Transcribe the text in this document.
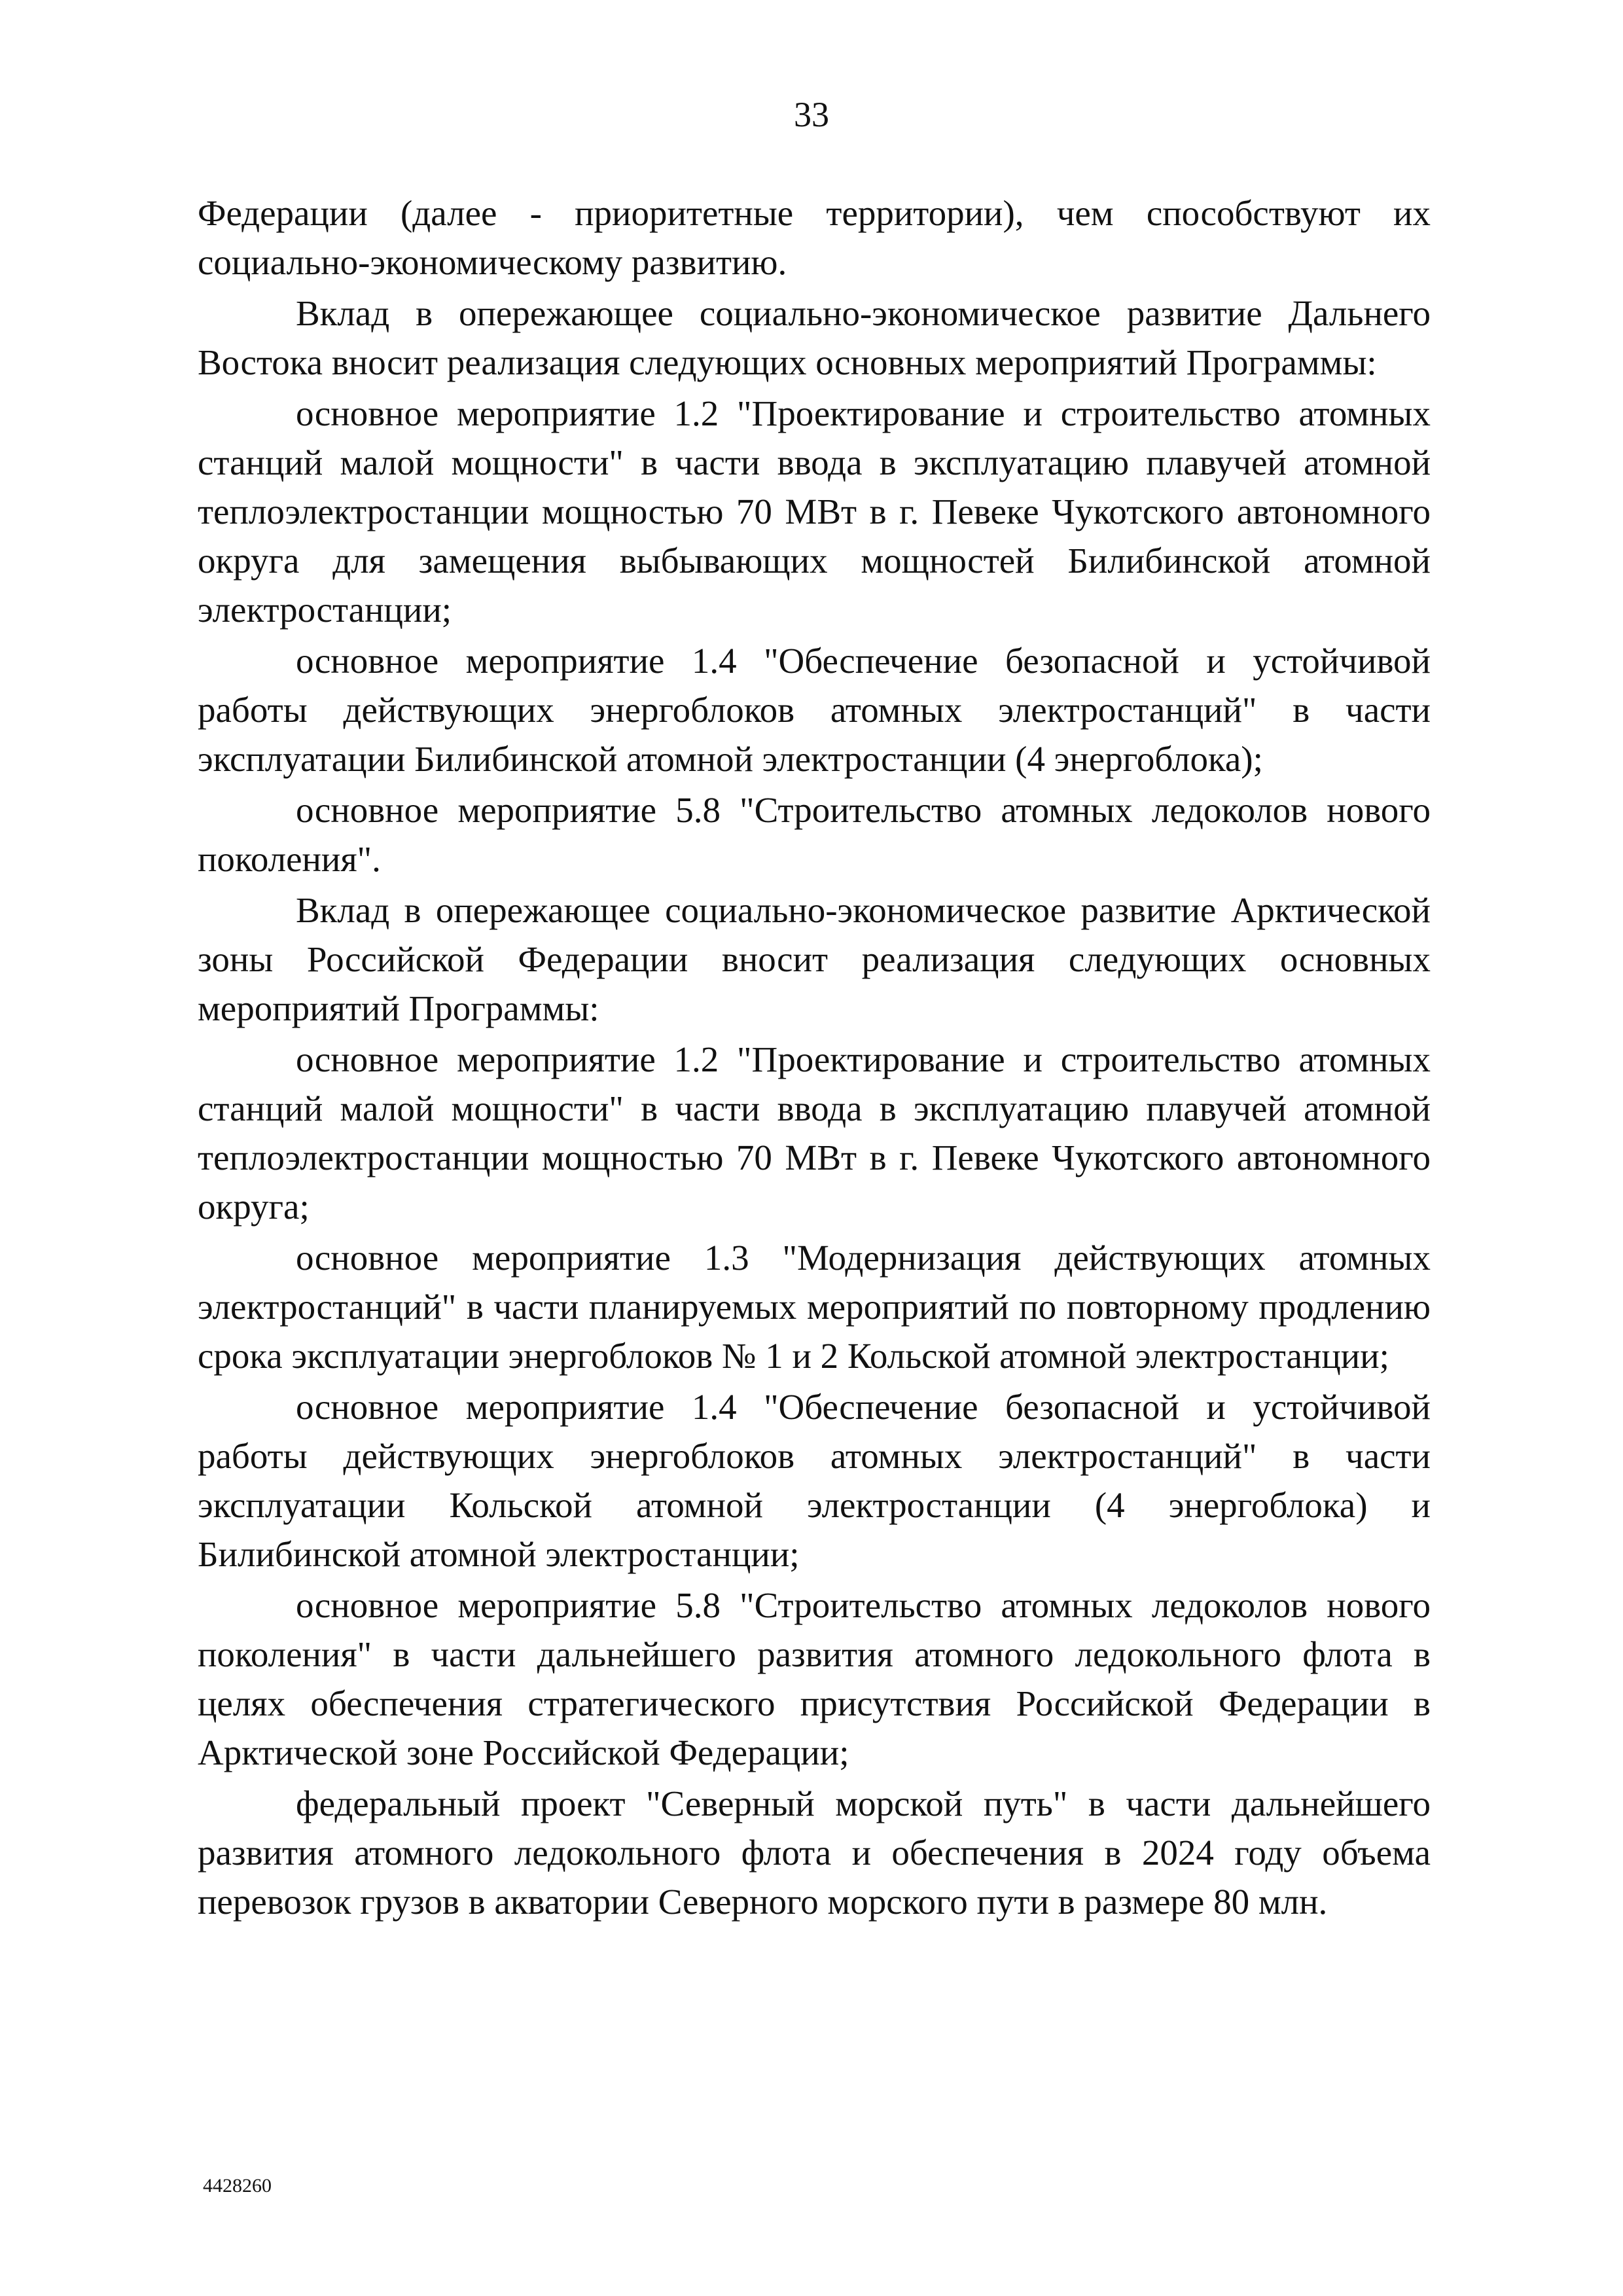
33

Федерации (далее - приоритетные территории), чем способствуют их социально-экономическому развитию.

Вклад в опережающее социально-экономическое развитие Дальнего Востока вносит реализация следующих основных мероприятий Программы:

основное мероприятие 1.2 "Проектирование и строительство атомных станций малой мощности" в части ввода в эксплуатацию плавучей атомной теплоэлектростанции мощностью 70 МВт в г. Певеке Чукотского автономного округа для замещения выбывающих мощностей Билибинской атомной электростанции;

основное мероприятие 1.4 "Обеспечение безопасной и устойчивой работы действующих энергоблоков атомных электростанций" в части эксплуатации Билибинской атомной электростанции (4 энергоблока);

основное мероприятие 5.8 "Строительство атомных ледоколов нового поколения".

Вклад в опережающее социально-экономическое развитие Арктической зоны Российской Федерации вносит реализация следующих основных мероприятий Программы:

основное мероприятие 1.2 "Проектирование и строительство атомных станций малой мощности" в части ввода в эксплуатацию плавучей атомной теплоэлектростанции мощностью 70 МВт в г. Певеке Чукотского автономного округа;

основное мероприятие 1.3 "Модернизация действующих атомных электростанций" в части планируемых мероприятий по повторному продлению срока эксплуатации энергоблоков № 1 и 2 Кольской атомной электростанции;

основное мероприятие 1.4 "Обеспечение безопасной и устойчивой работы действующих энергоблоков атомных электростанций" в части эксплуатации Кольской атомной электростанции (4 энергоблока) и Билибинской атомной электростанции;

основное мероприятие 5.8 "Строительство атомных ледоколов нового поколения" в части дальнейшего развития атомного ледокольного флота в целях обеспечения стратегического присутствия Российской Федерации в Арктической зоне Российской Федерации;

федеральный проект "Северный морской путь" в части дальнейшего развития атомного ледокольного флота и обеспечения в 2024 году объема перевозок грузов в акватории Северного морского пути в размере 80 млн.

4428260
